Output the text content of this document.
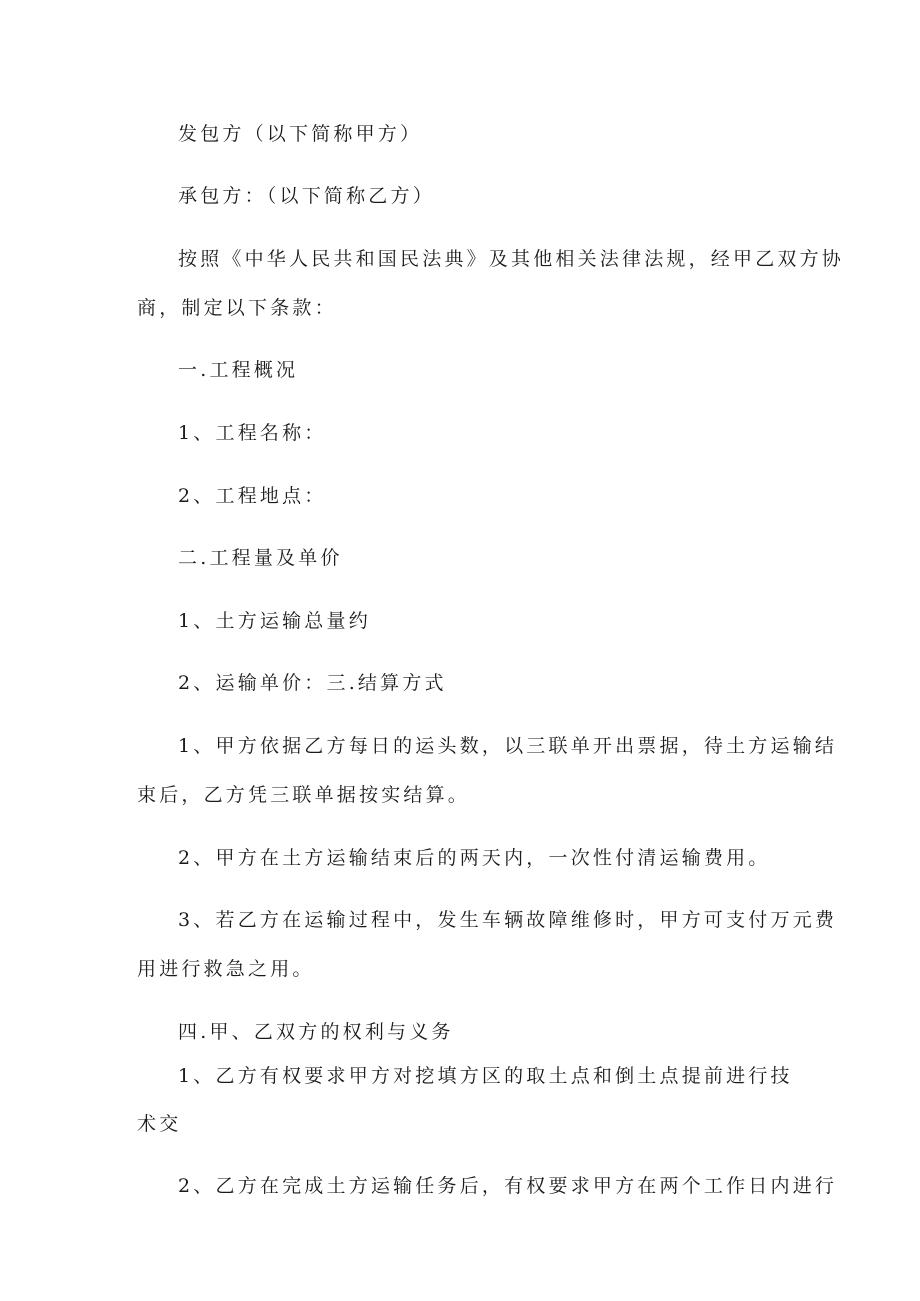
发包方（以下简称甲方）

承包方：（以下简称乙方）

按照《中华人民共和国民法典》及其他相关法律法规，经甲乙双方协

商，制定以下条款：

一.工程概况

1、工程名称：

2、工程地点：

二.工程量及单价

1、土方运输总量约

2、运输单价：三.结算方式

1、甲方依据乙方每日的运头数，以三联单开出票据，待土方运输结

束后，乙方凭三联单据按实结算。

2、甲方在土方运输结束后的两天内，一次性付清运输费用。

3、若乙方在运输过程中，发生车辆故障维修时，甲方可支付万元费

用进行救急之用。

四.甲、乙双方的权利与义务

1、乙方有权要求甲方对挖填方区的取土点和倒土点提前进行技

术交

2、乙方在完成土方运输任务后，有权要求甲方在两个工作日内进行
